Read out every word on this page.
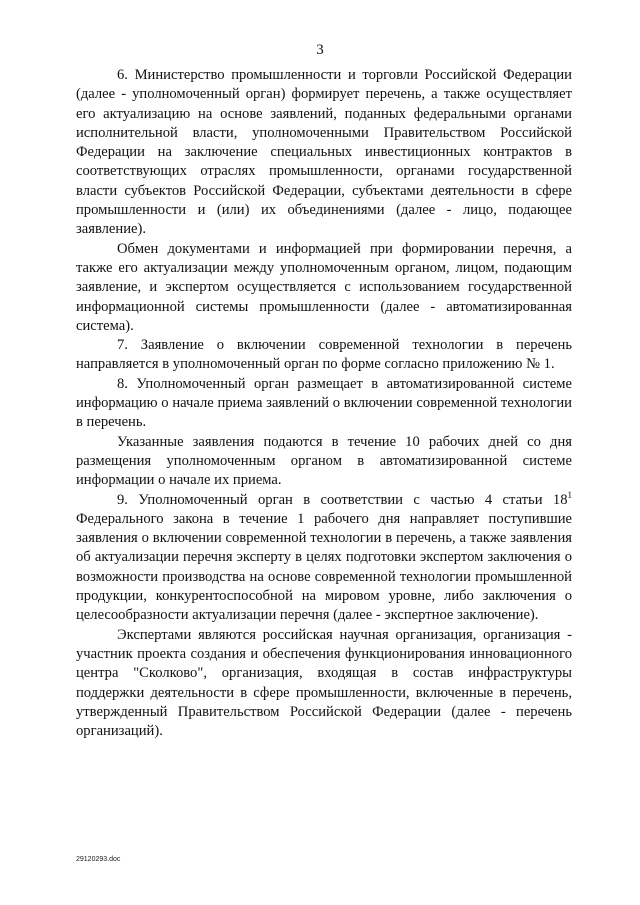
3

6. Министерство промышленности и торговли Российской Федерации (далее - уполномоченный орган) формирует перечень, а также осуществляет его актуализацию на основе заявлений, поданных федеральными органами исполнительной власти, уполномоченными Правительством Российской Федерации на заключение специальных инвестиционных контрактов в соответствующих отраслях промышленности, органами государственной власти субъектов Российской Федерации, субъектами деятельности в сфере промышленности и (или) их объединениями (далее - лицо, подающее заявление).

Обмен документами и информацией при формировании перечня, а также его актуализации между уполномоченным органом, лицом, подающим заявление, и экспертом осуществляется с использованием государственной информационной системы промышленности (далее - автоматизированная система).

7. Заявление о включении современной технологии в перечень направляется в уполномоченный орган по форме согласно приложению № 1.

8. Уполномоченный орган размещает в автоматизированной системе информацию о начале приема заявлений о включении современной технологии в перечень.

Указанные заявления подаются в течение 10 рабочих дней со дня размещения уполномоченным органом в автоматизированной системе информации о начале их приема.

9. Уполномоченный орган в соответствии с частью 4 статьи $18^1$ Федерального закона в течение 1 рабочего дня направляет поступившие заявления о включении современной технологии в перечень, а также заявления об актуализации перечня эксперту в целях подготовки экспертом заключения о возможности производства на основе современной технологии промышленной продукции, конкурентоспособной на мировом уровне, либо заключения о целесообразности актуализации перечня (далее - экспертное заключение).

Экспертами являются российская научная организация, организация - участник проекта создания и обеспечения функционирования инновационного центра "Сколково", организация, входящая в состав инфраструктуры поддержки деятельности в сфере промышленности, включенные в перечень, утвержденный Правительством Российской Федерации (далее - перечень организаций).

29120293.doc
